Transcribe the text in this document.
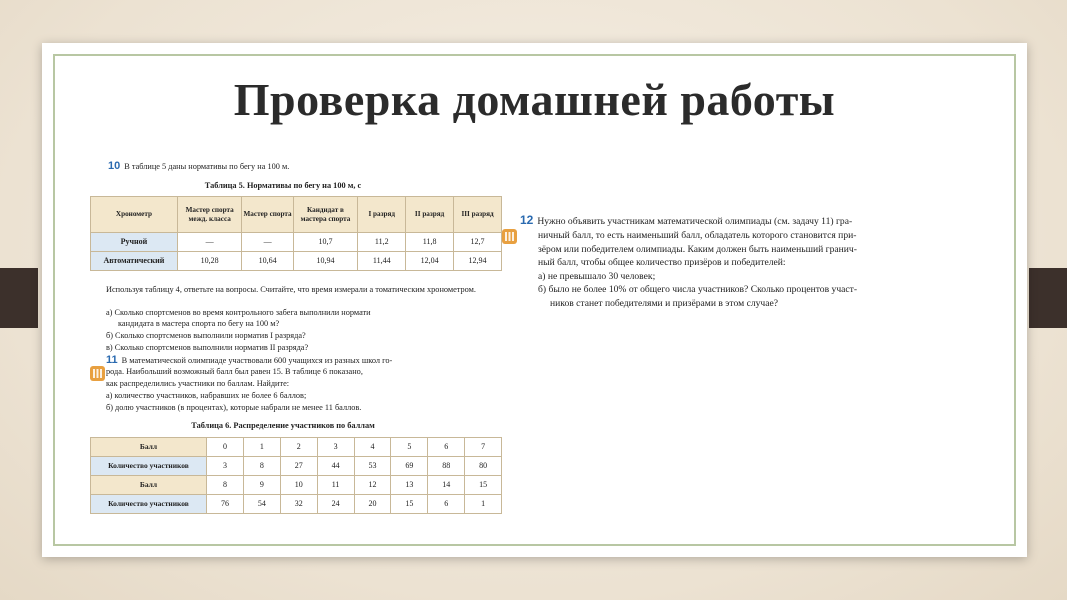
Проверка домашней работы
10 В таблице 5 даны нормативы по бегу на 100 м.
Таблица 5. Нормативы по бегу на 100 м, с
Хронометр	Мастер спорта межд. класса	Мастер спорта	Кандидат в мастера спорта	I разряд	II разряд	III разряд
Ручной	—	—	10,7	11,2	11,8	12,7
Автоматический	10,28	10,64	10,94	11,44	12,04	12,94
Используя таблицу 4, ответьте на вопросы. Считайте, что время измерали а томатическим хронометром.
а) Сколько спортсменов во время контрольного забега выполнили нормати
кандидата в мастера спорта по бегу на 100 м?
б) Сколько спортсменов выполнили норматив I разряда?
в) Сколько спортсменов выполнили норматив II разряда?
11 В математической олимпиаде участвовали 600 учащихся из разных школ го-
рода. Наибольший возможный балл был равен 15. В таблице 6 показано,
как распределились участники по баллам. Найдите:
а) количество участников, набравших не более 6 баллов;
б) долю участников (в процентах), которые набрали не менее 11 баллов.
Таблица 6. Распределение участников по баллам
Балл	0	1	2	3	4	5	6	7
Количество участников	3	8	27	44	53	69	88	80
Балл	8	9	10	11	12	13	14	15
Количество участников	76	54	32	24	20	15	6	1
12 Нужно объявить участникам математической олимпиады (см. задачу 11) гра-
ничный балл, то есть наименьший балл, обладатель которого становится при-
зёром или победителем олимпиады. Каким должен быть наименьший гранич-
ный балл, чтобы общее количество призёров и победителей:
а) не превышало 30 человек;
б) было не более 10% от общего числа участников? Сколько процентов участ-
ников станет победителями и призёрами в этом случае?
